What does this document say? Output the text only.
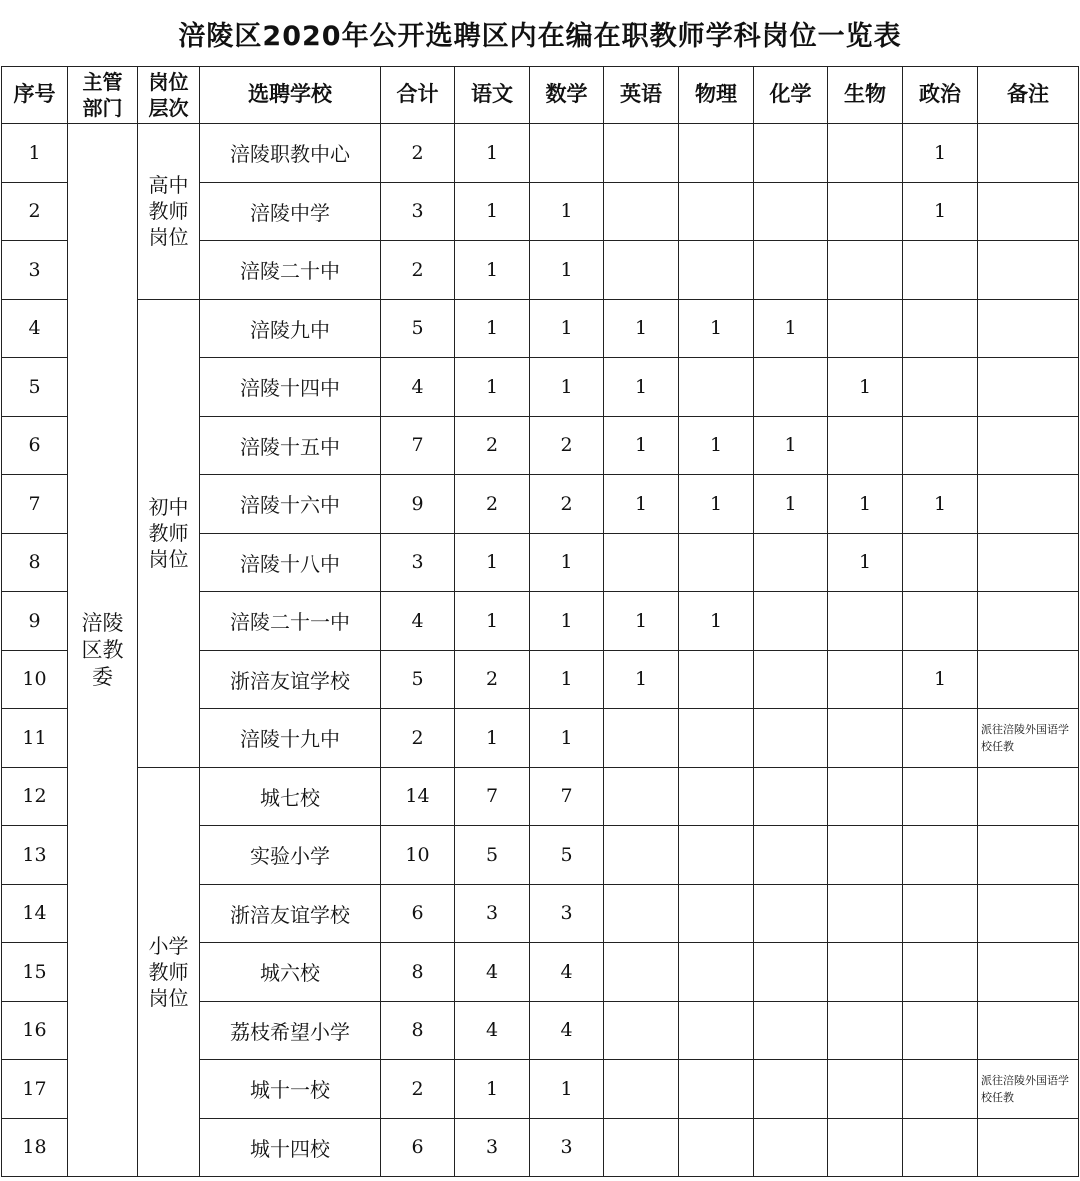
涪陵区2020年公开选聘区内在编在职教师学科岗位一览表
序号	主管部门	岗位层次	选聘学校	合计	语文	数学	英语	物理	化学	生物	政治	备注
1	涪陵区教委	高中教师岗位	涪陵职教中心	2	1						1	
2			涪陵中学	3	1	1					1	
3			涪陵二十中	2	1	1						
4		初中教师岗位	涪陵九中	5	1	1	1	1	1			
5			涪陵十四中	4	1	1	1			1		
6			涪陵十五中	7	2	2	1	1	1			
7			涪陵十六中	9	2	2	1	1	1	1	1	
8			涪陵十八中	3	1	1				1		
9			涪陵二十一中	4	1	1	1	1				
10			浙涪友谊学校	5	2	1	1				1	
11			涪陵十九中	2	1	1						派往涪陵外国语学校任教
12		小学教师岗位	城七校	14	7	7						
13			实验小学	10	5	5						
14			浙涪友谊学校	6	3	3						
15			城六校	8	4	4						
16			荔枝希望小学	8	4	4						
17			城十一校	2	1	1						派往涪陵外国语学校任教
18			城十四校	6	3	3						
